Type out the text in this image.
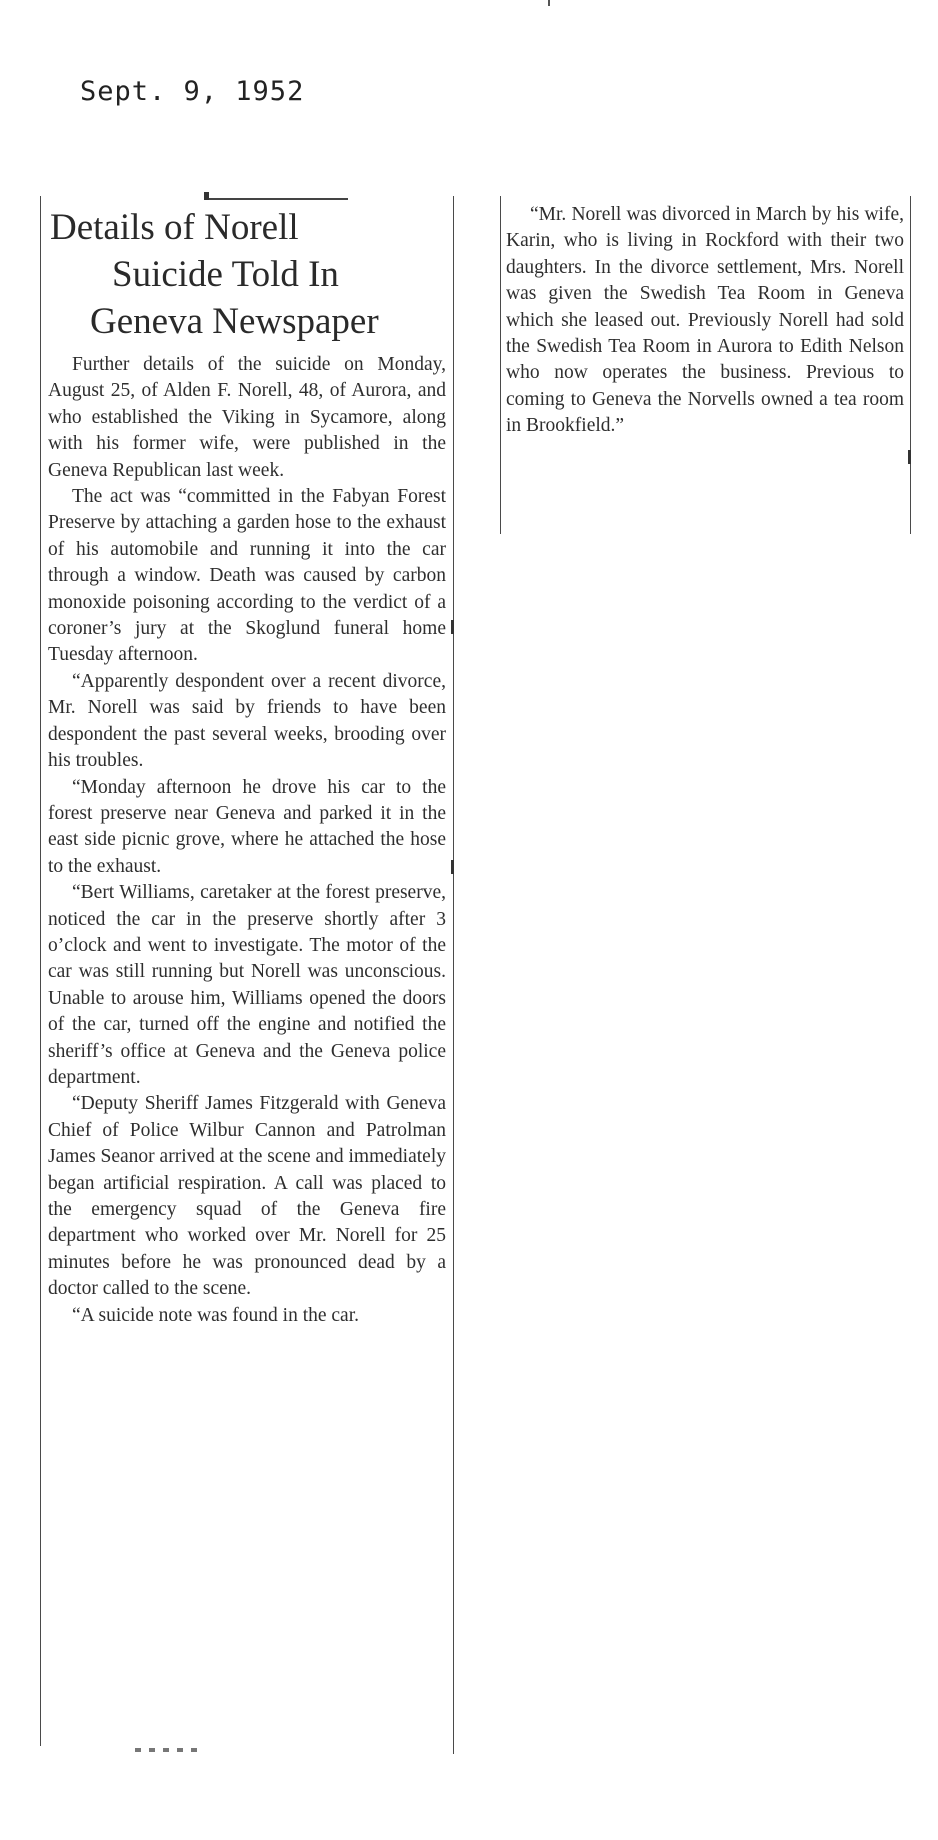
Sept. 9, 1952
Details of Norell
Suicide Told In
Geneva Newspaper

Further details of the suicide on Monday, August 25, of Alden F. Norell, 48, of Aurora, and who established the Viking in Sycamore, along with his former wife, were published in the Geneva Republican last week.

The act was “committed in the Fabyan Forest Preserve by attaching a garden hose to the exhaust of his automobile and running it into the car through a window. Death was caused by carbon monoxide poisoning according to the verdict of a coroner’s jury at the Skoglund funeral home Tuesday afternoon.

“Apparently despondent over a recent divorce, Mr. Norell was said by friends to have been despondent the past several weeks, brooding over his troubles.

“Monday afternoon he drove his car to the forest preserve near Geneva and parked it in the east side picnic grove, where he attached the hose to the exhaust.

“Bert Williams, caretaker at the forest preserve, noticed the car in the preserve shortly after 3 o’clock and went to investigate. The motor of the car was still running but Norell was unconscious. Unable to arouse him, Williams opened the doors of the car, turned off the engine and notified the sheriff’s office at Geneva and the Geneva police department.

“Deputy Sheriff James Fitzgerald with Geneva Chief of Police Wilbur Cannon and Patrolman James Seanor arrived at the scene and immediately began artificial respiration. A call was placed to the emergency squad of the Geneva fire department who worked over Mr. Norell for 25 minutes before he was pronounced dead by a doctor called to the scene.

“A suicide note was found in the car.

“Mr. Norell was divorced in March by his wife, Karin, who is living in Rockford with their two daughters. In the divorce settlement, Mrs. Norell was given the Swedish Tea Room in Geneva which she leased out. Previously Norell had sold the Swedish Tea Room in Aurora to Edith Nelson who now operates the business. Previous to coming to Geneva the Norvells owned a tea room in Brookfield.”
